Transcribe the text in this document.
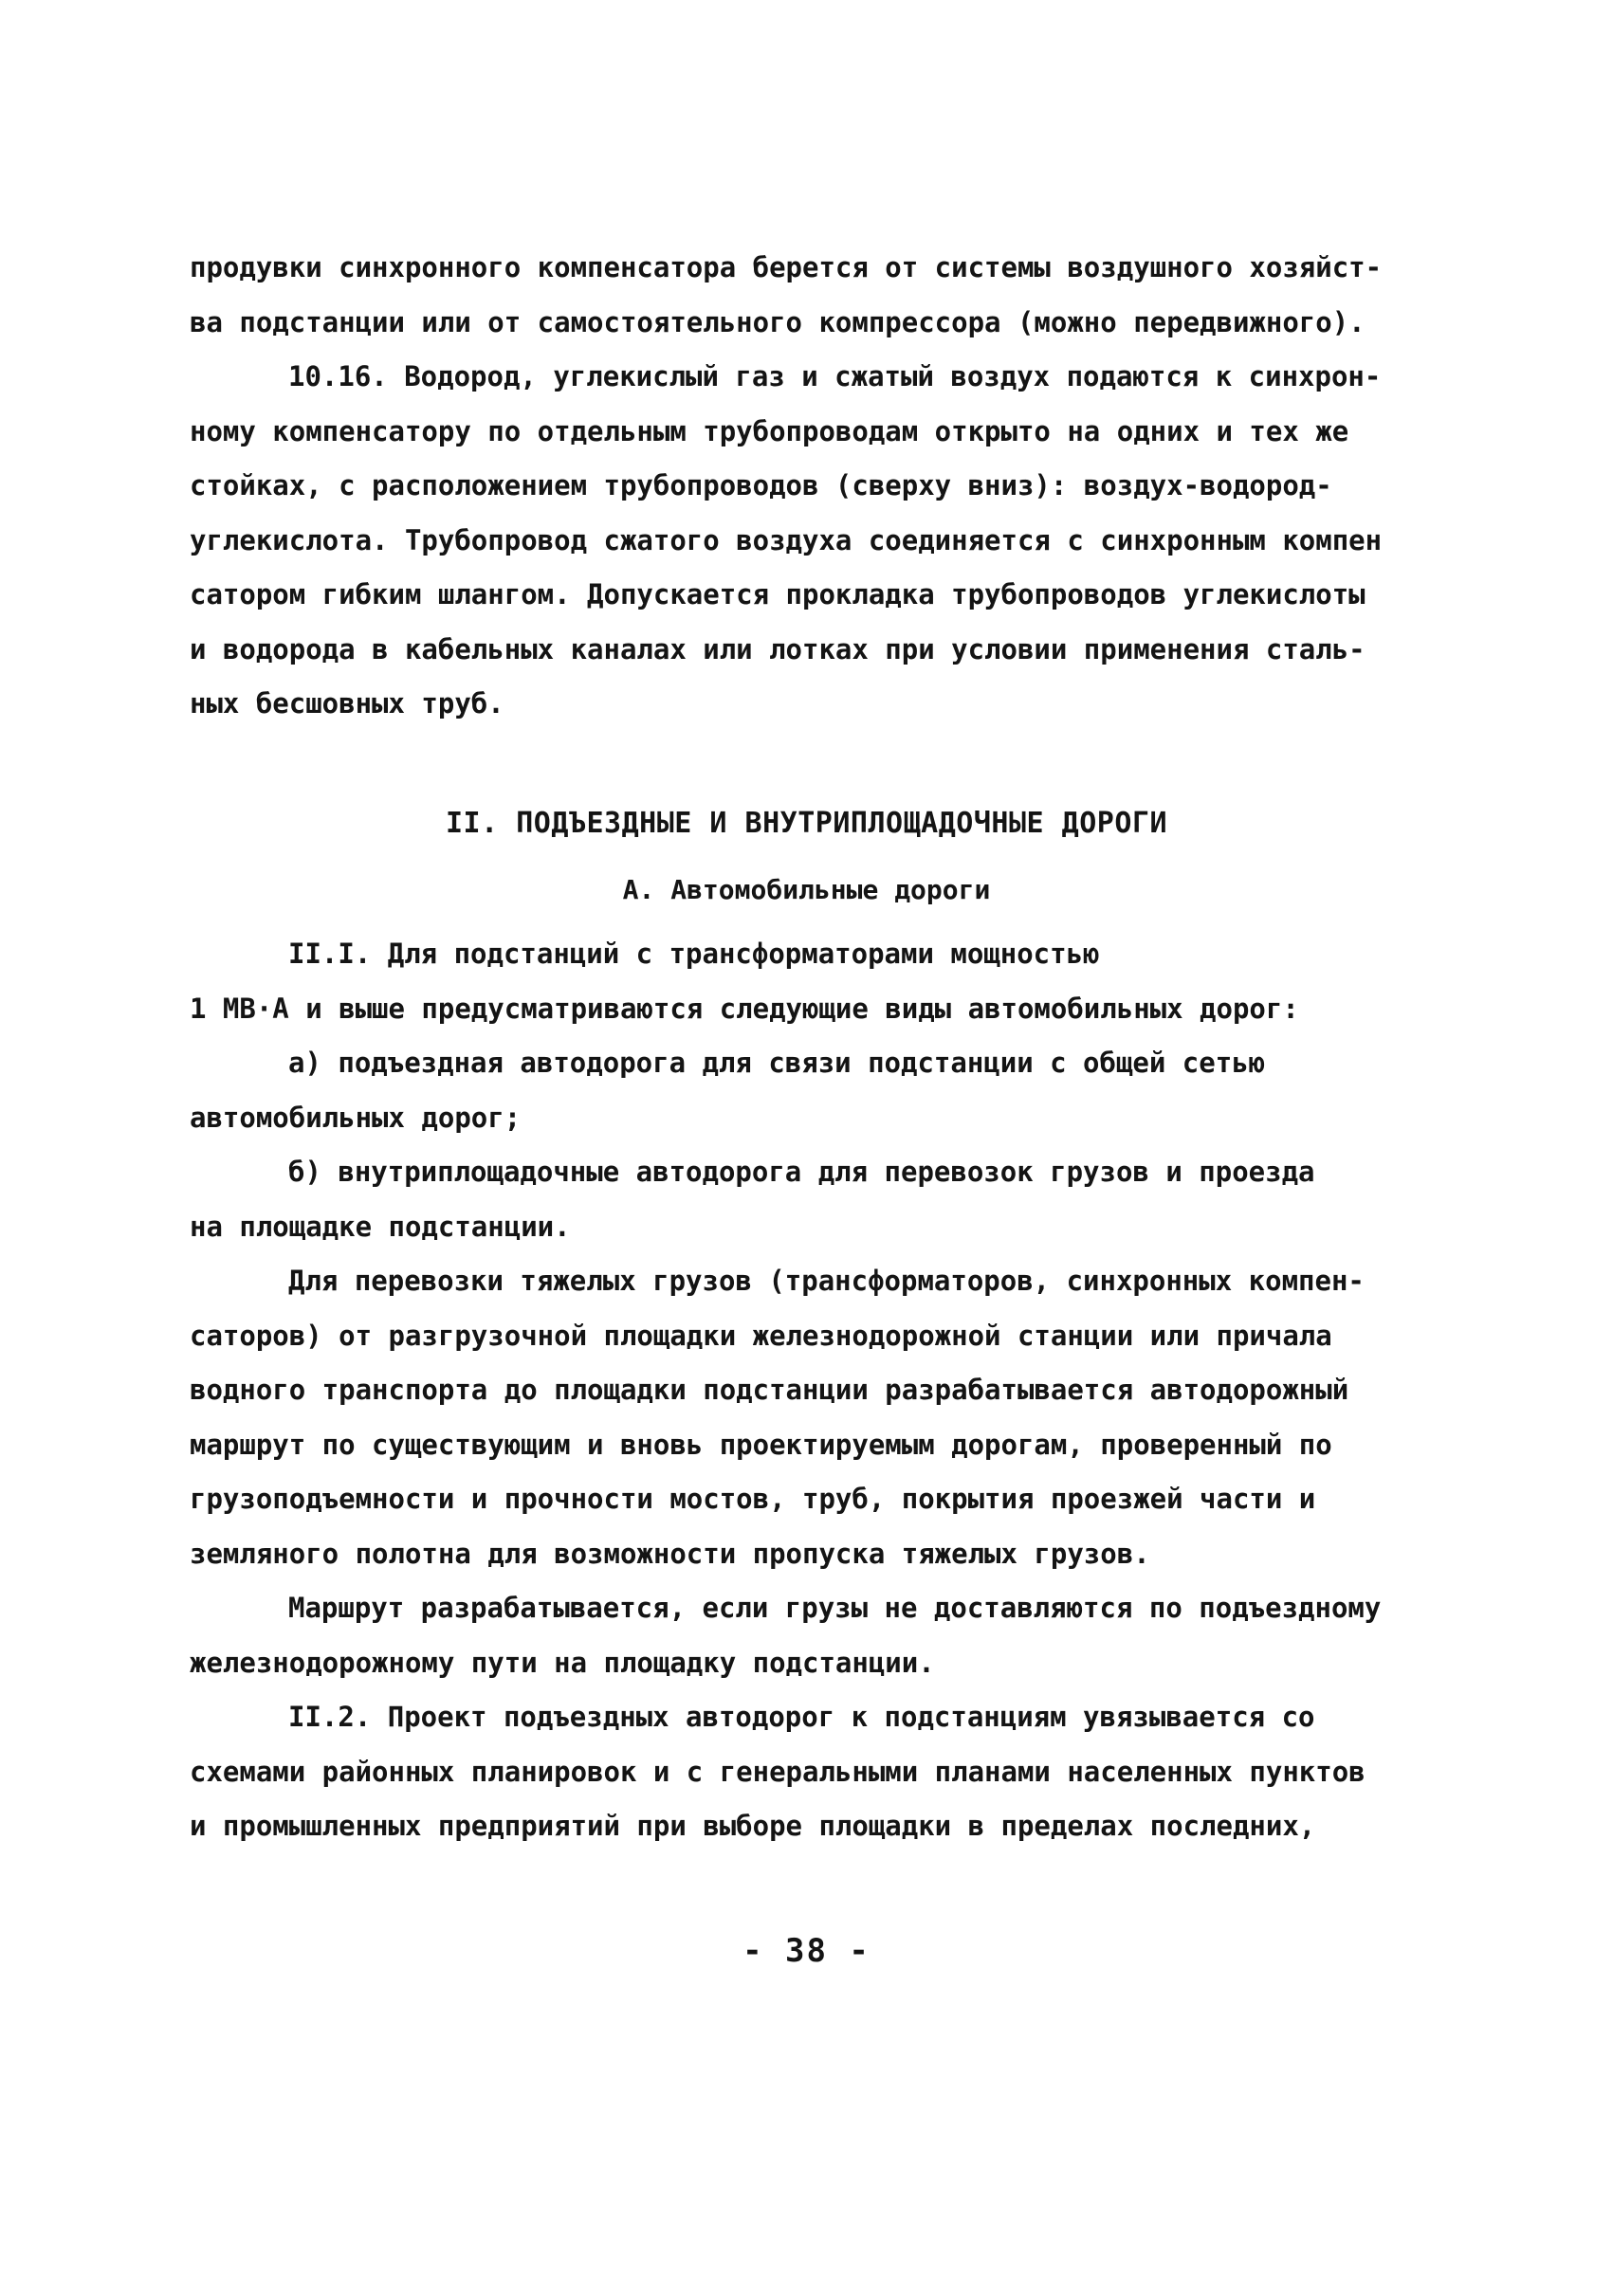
продувки синхронного компенсатора берется от системы воздушного хозяйст-
ва подстанции или от самостоятельного компрессора (можно передвижного).
10.16. Водород, углекислый газ и сжатый воздух подаются к синхрон-
ному компенсатору по отдельным трубопроводам открыто на одних и тех же
стойках, с расположением трубопроводов (сверху вниз): воздух-водород-
углекислота. Трубопровод сжатого воздуха соединяется с синхронным компен
сатором гибким шлангом. Допускается прокладка трубопроводов углекислоты
и водорода в кабельных каналах или лотках при условии применения сталь-
ных бесшовных труб.
II. ПОДЪЕЗДНЫЕ И ВНУТРИПЛОЩАДОЧНЫЕ ДОРОГИ
А. Автомобильные дороги
II.I. Для подстанций с трансформаторами мощностью
1 МВ·А и выше предусматриваются следующие виды автомобильных дорог:
а) подъездная автодорога для связи подстанции с общей сетью
автомобильных дорог;
б) внутриплощадочные автодорога для перевозок грузов и проезда
на площадке подстанции.
Для перевозки тяжелых грузов (трансформаторов, синхронных компен-
саторов) от разгрузочной площадки железнодорожной станции или причала
водного транспорта до площадки подстанции разрабатывается автодорожный
маршрут по существующим и вновь проектируемым дорогам, проверенный по
грузоподъемности и прочности мостов, труб, покрытия проезжей части и
земляного полотна для возможности пропуска тяжелых грузов.
Маршрут разрабатывается, если грузы не доставляются по подъездному
железнодорожному пути на площадку подстанции.
II.2. Проект подъездных автодорог к подстанциям увязывается со
схемами районных планировок и с генеральными планами населенных пунктов
и промышленных предприятий при выборе площадки в пределах последних,
- 38 -
